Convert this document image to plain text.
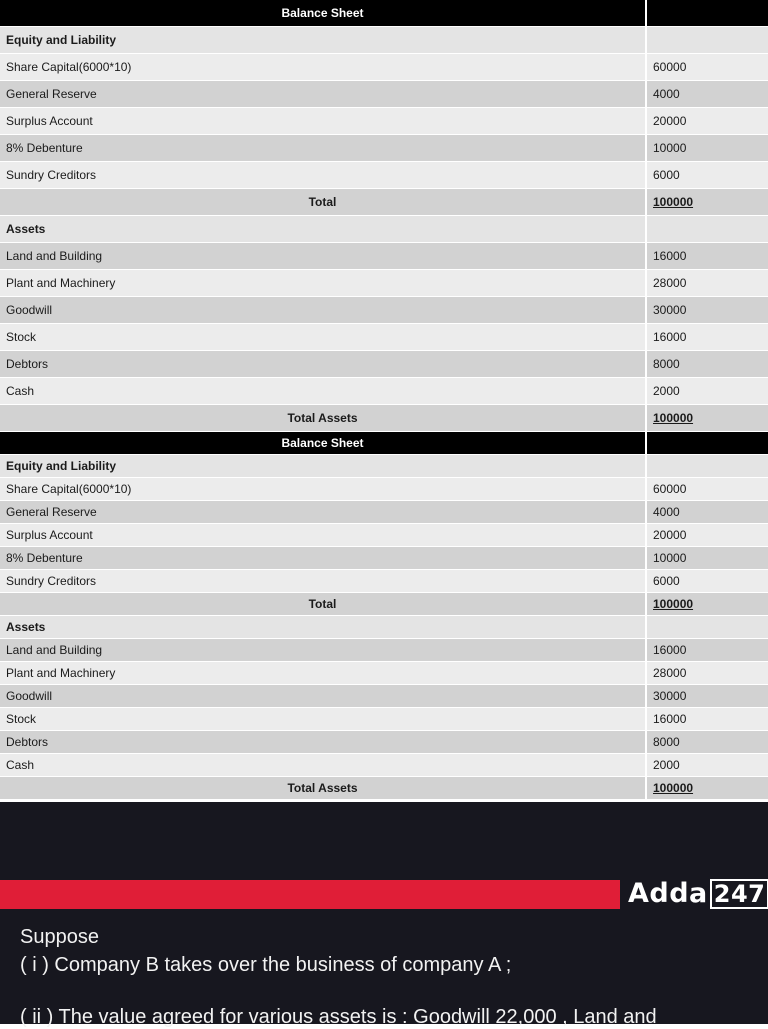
Balance Sheet	
Equity and Liability	
Share Capital(6000*10)	60000
General Reserve	4000
Surplus Account	20000
8% Debenture	10000
Sundry Creditors	6000
Total	100000
Assets	
Land and Building	16000
Plant and Machinery	28000
Goodwill	30000
Stock	16000
Debtors	8000
Cash	2000
Total Assets	100000
Balance Sheet	
Equity and Liability	
Share Capital(6000*10)	60000
General Reserve	4000
Surplus Account	20000
8% Debenture	10000
Sundry Creditors	6000
Total	100000
Assets	
Land and Building	16000
Plant and Machinery	28000
Goodwill	30000
Stock	16000
Debtors	8000
Cash	2000
Total Assets	100000
Adda 247
Suppose
( i ) Company B takes over the business of company A ;
( ii ) The value agreed for various assets is : Goodwill 22,000 , Land and
